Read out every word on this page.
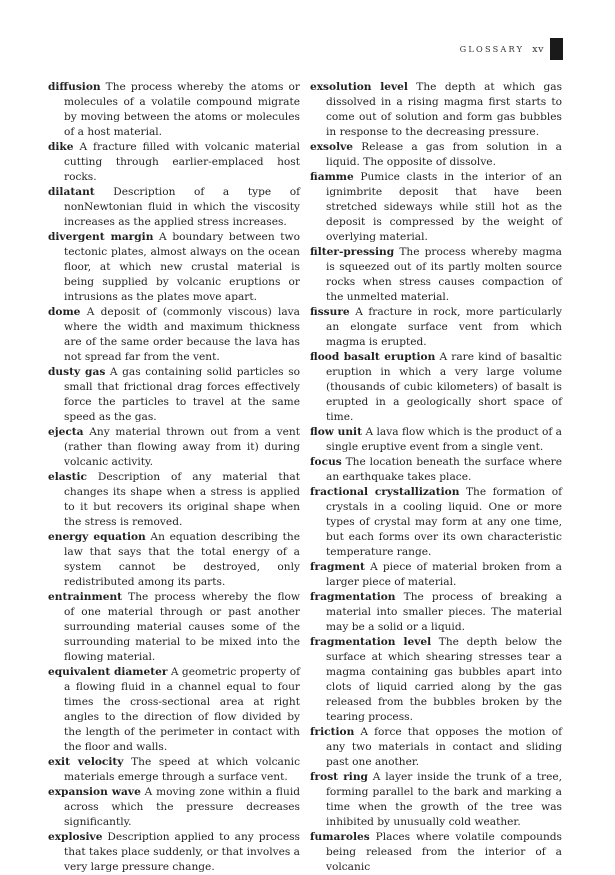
GLOSSARY xv

diffusion The process whereby the atoms or molecules of a volatile compound migrate by moving between the atoms or molecules of a host material.

dike A fracture filled with volcanic material cutting through earlier-emplaced host rocks.

dilatant Description of a type of nonNewtonian fluid in which the viscosity increases as the applied stress increases.

divergent margin A boundary between two tectonic plates, almost always on the ocean floor, at which new crustal material is being supplied by volcanic eruptions or intrusions as the plates move apart.

dome A deposit of (commonly viscous) lava where the width and maximum thickness are of the same order because the lava has not spread far from the vent.

dusty gas A gas containing solid particles so small that frictional drag forces effectively force the particles to travel at the same speed as the gas.

ejecta Any material thrown out from a vent (rather than flowing away from it) during volcanic activity.

elastic Description of any material that changes its shape when a stress is applied to it but recovers its original shape when the stress is removed.

energy equation An equation describing the law that says that the total energy of a system cannot be destroyed, only redistributed among its parts.

entrainment The process whereby the flow of one material through or past another surrounding material causes some of the surrounding material to be mixed into the flowing material.

equivalent diameter A geometric property of a flowing fluid in a channel equal to four times the cross-sectional area at right angles to the direction of flow divided by the length of the perimeter in contact with the floor and walls.

exit velocity The speed at which volcanic materials emerge through a surface vent.

expansion wave A moving zone within a fluid across which the pressure decreases significantly.

explosive Description applied to any process that takes place suddenly, or that involves a very large pressure change.

exsolution level The depth at which gas dissolved in a rising magma first starts to come out of solution and form gas bubbles in response to the decreasing pressure.

exsolve Release a gas from solution in a liquid. The opposite of dissolve.

fiamme Pumice clasts in the interior of an ignimbrite deposit that have been stretched sideways while still hot as the deposit is compressed by the weight of overlying material.

filter-pressing The process whereby magma is squeezed out of its partly molten source rocks when stress causes compaction of the unmelted material.

fissure A fracture in rock, more particularly an elongate surface vent from which magma is erupted.

flood basalt eruption A rare kind of basaltic eruption in which a very large volume (thousands of cubic kilometers) of basalt is erupted in a geologically short space of time.

flow unit A lava flow which is the product of a single eruptive event from a single vent.

focus The location beneath the surface where an earthquake takes place.

fractional crystallization The formation of crystals in a cooling liquid. One or more types of crystal may form at any one time, but each forms over its own characteristic temperature range.

fragment A piece of material broken from a larger piece of material.

fragmentation The process of breaking a material into smaller pieces. The material may be a solid or a liquid.

fragmentation level The depth below the surface at which shearing stresses tear a magma containing gas bubbles apart into clots of liquid carried along by the gas released from the bubbles broken by the tearing process.

friction A force that opposes the motion of any two materials in contact and sliding past one another.

frost ring A layer inside the trunk of a tree, forming parallel to the bark and marking a time when the growth of the tree was inhibited by unusually cold weather.

fumaroles Places where volatile compounds being released from the interior of a volcanic
